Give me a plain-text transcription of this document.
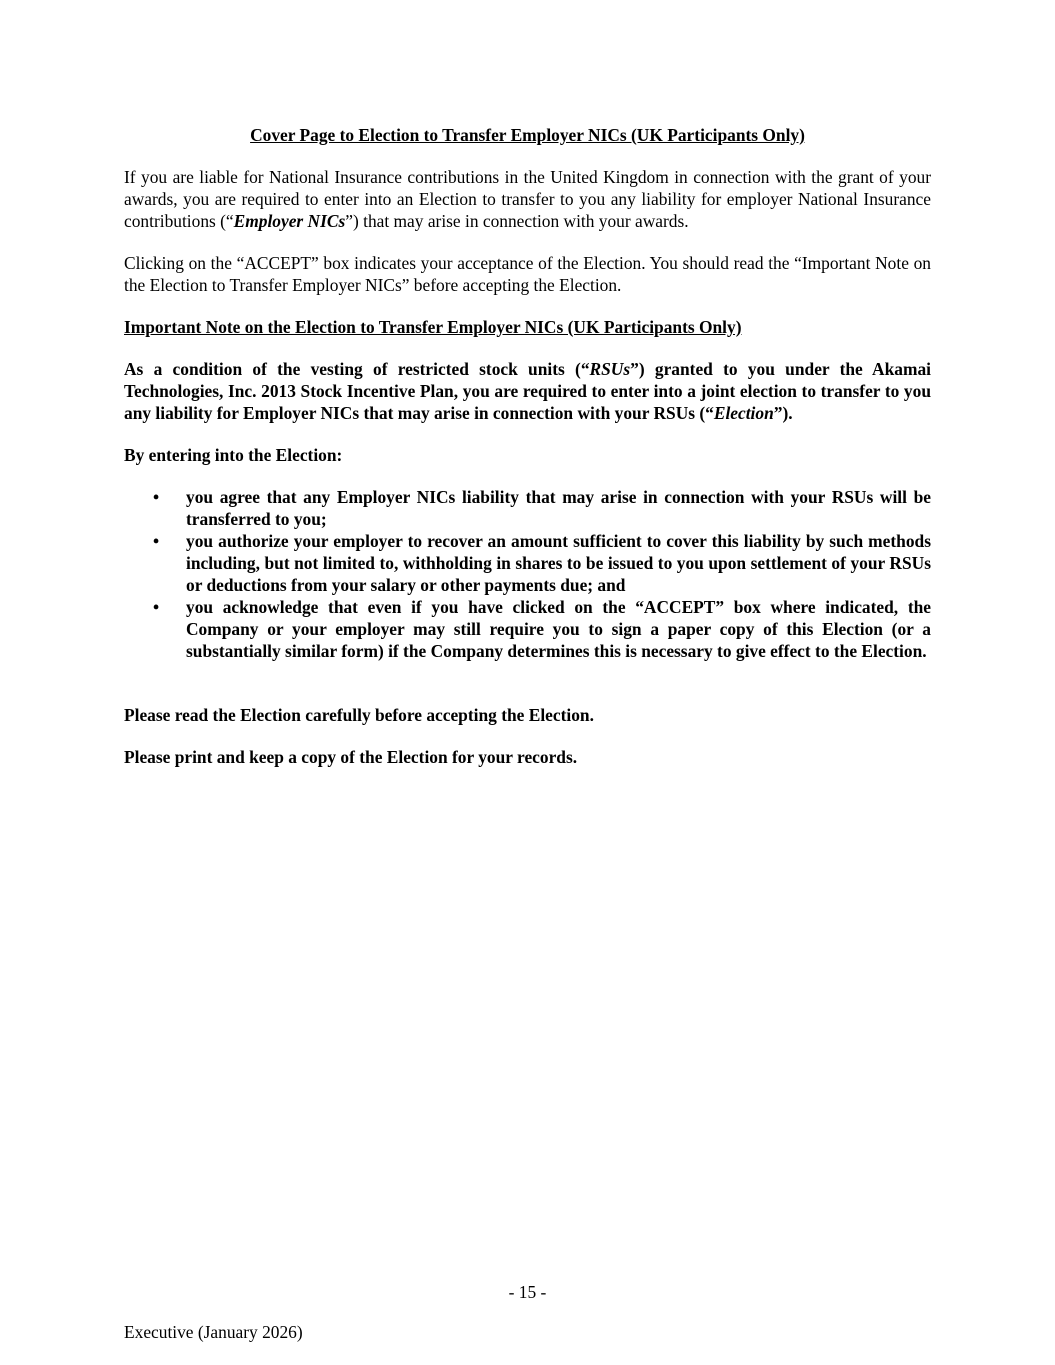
Cover Page to Election to Transfer Employer NICs (UK Participants Only)

If you are liable for National Insurance contributions in the United Kingdom in connection with the grant of your awards, you are required to enter into an Election to transfer to you any liability for employer National Insurance contributions (“Employer NICs”) that may arise in connection with your awards.

Clicking on the “ACCEPT” box indicates your acceptance of the Election. You should read the “Important Note on the Election to Transfer Employer NICs” before accepting the Election.

Important Note on the Election to Transfer Employer NICs (UK Participants Only)

As a condition of the vesting of restricted stock units (“RSUs”) granted to you under the Akamai Technologies, Inc. 2013 Stock Incentive Plan, you are required to enter into a joint election to transfer to you any liability for Employer NICs that may arise in connection with your RSUs (“Election”).

By entering into the Election:

• you agree that any Employer NICs liability that may arise in connection with your RSUs will be transferred to you;
• you authorize your employer to recover an amount sufficient to cover this liability by such methods including, but not limited to, withholding in shares to be issued to you upon settlement of your RSUs or deductions from your salary or other payments due; and
• you acknowledge that even if you have clicked on the “ACCEPT” box where indicated, the Company or your employer may still require you to sign a paper copy of this Election (or a substantially similar form) if the Company determines this is necessary to give effect to the Election.

Please read the Election carefully before accepting the Election.

Please print and keep a copy of the Election for your records.

- 15 -
Executive (January 2026)
